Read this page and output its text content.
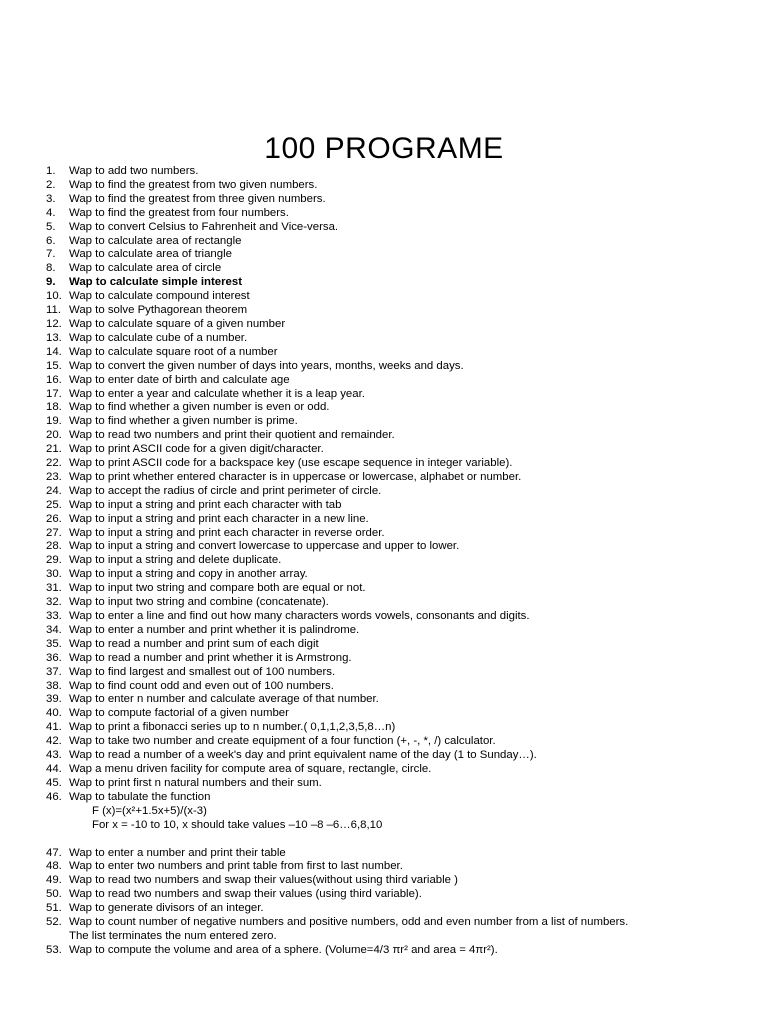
100 PROGRAME
1.	Wap to add two numbers.
2.	Wap to find the greatest from two given numbers.
3.	Wap to find the greatest from three given numbers.
4.	Wap to find the greatest from four numbers.
5.	Wap to convert Celsius to Fahrenheit and Vice-versa.
6.	Wap to calculate area of rectangle
7.	Wap to calculate area of triangle
8.	Wap to calculate area of circle
9.	Wap to calculate simple interest
10. Wap to calculate compound interest
11. Wap to solve Pythagorean theorem
12. Wap to calculate square of a given number
13. Wap to calculate cube of a number.
14. Wap to calculate square root of a number
15. Wap to convert the given number of days into years, months, weeks and days.
16. Wap to enter date of birth and calculate age
17. Wap to enter a year and calculate whether it is a leap year.
18. Wap to find whether a given number is even or odd.
19. Wap to find whether a given number is prime.
20. Wap to read two numbers and print their quotient and remainder.
21. Wap to print ASCII code for a given digit/character.
22. Wap to print ASCII code for a backspace key (use escape sequence in integer variable).
23. Wap to print whether entered character is in uppercase or lowercase, alphabet or number.
24. Wap to accept the radius of circle and print perimeter of circle.
25. Wap to input a string and print each character with tab
26. Wap to input a string and print each character in a new line.
27. Wap to input a string and print each character in reverse order.
28. Wap to input a string and convert lowercase to uppercase and upper to lower.
29. Wap to input a string and delete duplicate.
30. Wap to input a string and copy in another array.
31. Wap to input two string and compare both are equal or not.
32. Wap to input two string and combine (concatenate).
33. Wap to enter a line and find out how many characters words vowels, consonants and digits.
34. Wap to enter a number and print whether it is palindrome.
35. Wap to read a number and print sum of each digit
36. Wap to read a number and print whether it is Armstrong.
37. Wap to find largest and smallest out of 100 numbers.
38. Wap to find count odd and even out of 100 numbers.
39. Wap to enter n number and calculate average of that number.
40. Wap to compute factorial of a given number
41. Wap to print a fibonacci series up to n number.( 0,1,1,2,3,5,8…n)
42. Wap to take two number and create equipment of a four function (+, -, *, /) calculator.
43. Wap to read a number of a week's day and print equivalent name of the day (1 to Sunday…).
44. Wap a menu driven facility for compute area of square, rectangle, circle.
45. Wap to print first n natural numbers and their sum.
46. Wap to tabulate the function
F (x)=(x²+1.5x+5)/(x-3)
For x = -10 to 10, x should take values –10 –8 –6…6,8,10
47. Wap to enter a number and print their table
48. Wap to enter two numbers and print table from first to last number.
49. Wap to read two numbers and swap their values(without using third variable )
50. Wap to read two numbers and swap their values (using third variable).
51. Wap to generate divisors of an integer.
52. Wap to count number of negative numbers and positive numbers, odd and even number from a list of numbers.
The list terminates the num entered zero.
53. Wap to compute the volume and area of a sphere. (Volume=4/3 πr² and area = 4πr²).
